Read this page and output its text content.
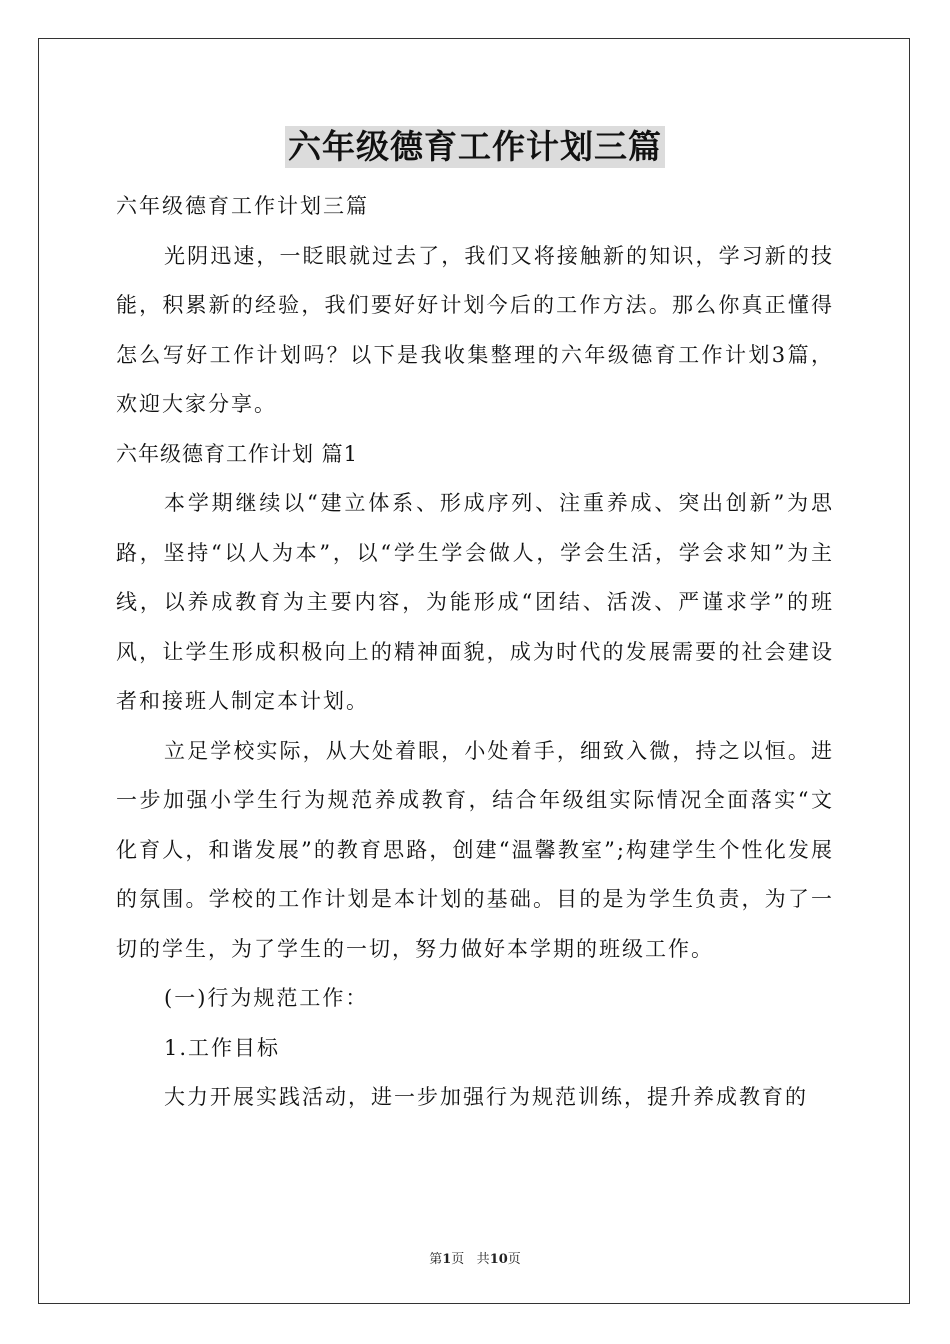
六年级德育工作计划三篇

六年级德育工作计划三篇

光阴迅速，一眨眼就过去了，我们又将接触新的知识，学习新的技能，积累新的经验，我们要好好计划今后的工作方法。那么你真正懂得怎么写好工作计划吗？以下是我收集整理的六年级德育工作计划3篇，欢迎大家分享。

六年级德育工作计划 篇1

本学期继续以“建立体系、形成序列、注重养成、突出创新”为思路，坚持“以人为本”，以“学生学会做人，学会生活，学会求知”为主线，以养成教育为主要内容，为能形成“团结、活泼、严谨求学”的班风，让学生形成积极向上的精神面貌，成为时代的发展需要的社会建设者和接班人制定本计划。

立足学校实际，从大处着眼，小处着手，细致入微，持之以恒。进一步加强小学生行为规范养成教育，结合年级组实际情况全面落实“文化育人，和谐发展”的教育思路，创建“温馨教室”;构建学生个性化发展的氛围。学校的工作计划是本计划的基础。目的是为学生负责，为了一切的学生，为了学生的一切，努力做好本学期的班级工作。

(一)行为规范工作：

1.工作目标

大力开展实践活动，进一步加强行为规范训练，提升养成教育的

第1页 共10页
